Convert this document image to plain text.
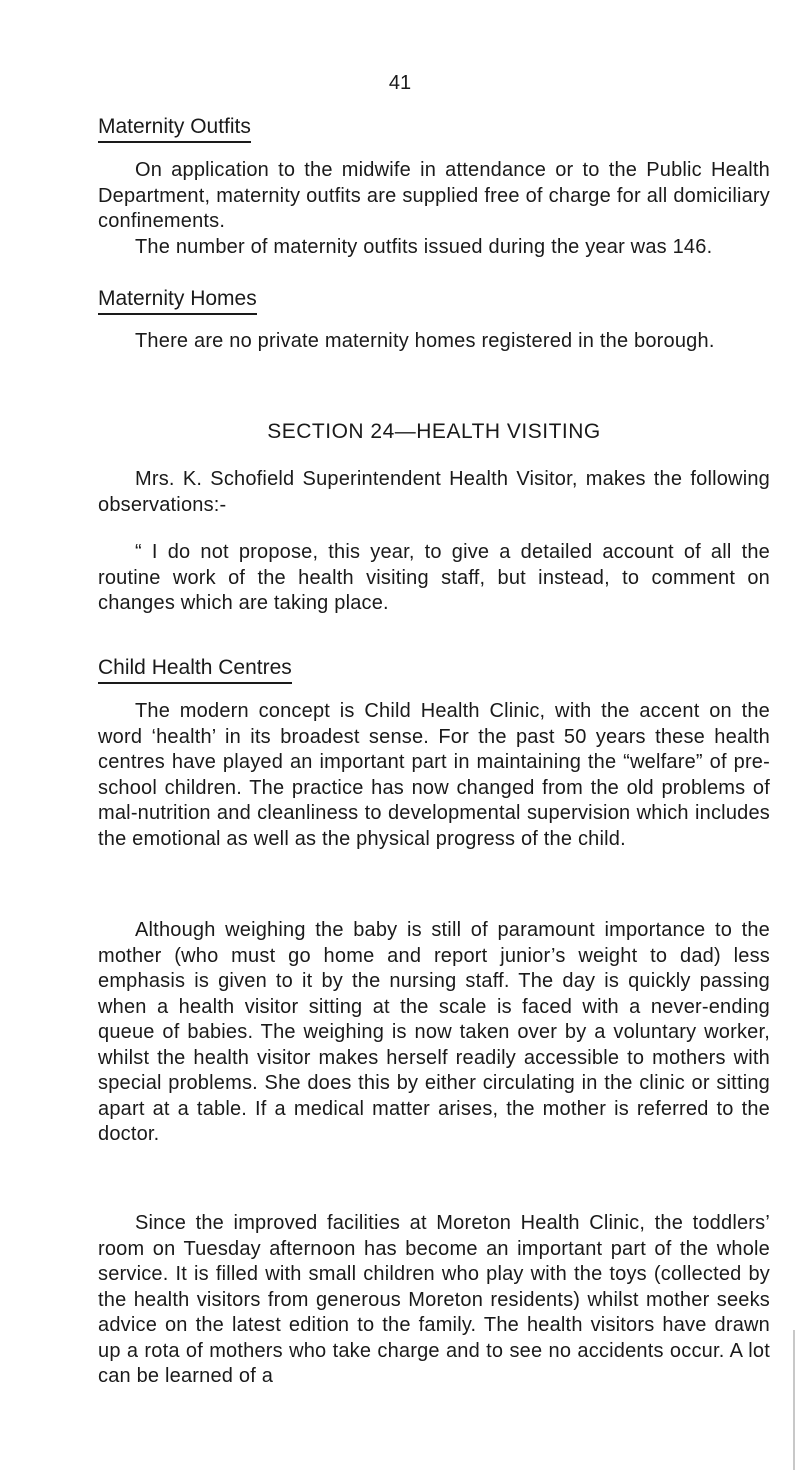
41
Maternity Outfits

On application to the midwife in attendance or to the Public Health Department, maternity outfits are supplied free of charge for all domiciliary confinements.

The number of maternity outfits issued during the year was 146.

Maternity Homes

There are no private maternity homes registered in the borough.

SECTION 24—HEALTH VISITING

Mrs. K. Schofield Superintendent Health Visitor, makes the following observations:-

“ I do not propose, this year, to give a detailed account of all the routine work of the health visiting staff, but instead, to comment on changes which are taking place.

Child Health Centres

The modern concept is Child Health Clinic, with the accent on the word ‘health’ in its broadest sense. For the past 50 years these health centres have played an important part in maintaining the “welfare” of pre-school children. The practice has now changed from the old problems of mal-nutrition and cleanliness to developmental supervision which includes the emotional as well as the physical progress of the child.

Although weighing the baby is still of paramount importance to the mother (who must go home and report junior’s weight to dad) less emphasis is given to it by the nursing staff. The day is quickly passing when a health visitor sitting at the scale is faced with a never-ending queue of babies. The weighing is now taken over by a voluntary worker, whilst the health visitor makes herself readily accessible to mothers with special problems. She does this by either circulating in the clinic or sitting apart at a table. If a medical matter arises, the mother is referred to the doctor.

Since the improved facilities at Moreton Health Clinic, the toddlers’ room on Tuesday afternoon has become an important part of the whole service. It is filled with small children who play with the toys (collected by the health visitors from generous Moreton residents) whilst mother seeks advice on the latest edition to the family. The health visitors have drawn up a rota of mothers who take charge and to see no accidents occur. A lot can be learned of a
